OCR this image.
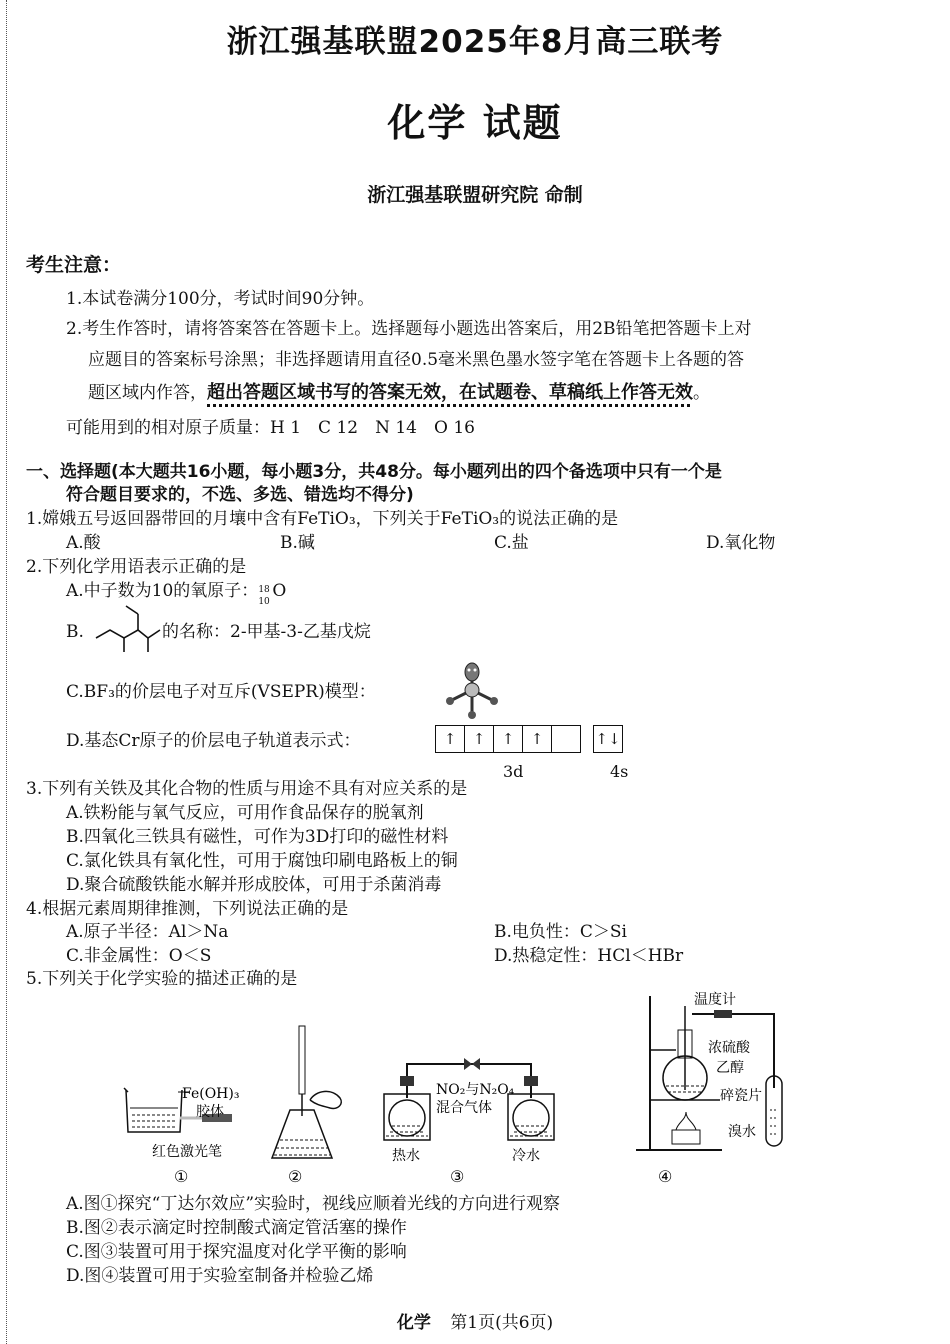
浙江强基联盟2025年8月高三联考
化学 试题
浙江强基联盟研究院 命制
考生注意：
1.本试卷满分100分，考试时间90分钟。
2.考生作答时，请将答案答在答题卡上。选择题每小题选出答案后，用2B铅笔把答题卡上对
应题目的答案标号涂黑；非选择题请用直径0.5毫米黑色墨水签字笔在答题卡上各题的答
题区域内作答，超出答题区域书写的答案无效，在试题卷、草稿纸上作答无效。
可能用到的相对原子质量：H 1　C 12　N 14　O 16
一、选择题(本大题共16小题，每小题3分，共48分。每小题列出的四个备选项中只有一个是
符合题目要求的，不选、多选、错选均不得分)
1.嫦娥五号返回器带回的月壤中含有FeTiO₃，下列关于FeTiO₃的说法正确的是
A.酸	B.碱	C.盐	D.氧化物
2.下列化学用语表示正确的是
A.中子数为10的氧原子： 18
10
O
B.	的名称：2-甲基-3-乙基戊烷
C.BF₃的价层电子对互斥(VSEPR)模型：
D.基态Cr原子的价层电子轨道表示式：	↑	↑	↑	↑	↑↓
3d	4s
3.下列有关铁及其化合物的性质与用途不具有对应关系的是
A.铁粉能与氧气反应，可用作食品保存的脱氧剂
B.四氧化三铁具有磁性，可作为3D打印的磁性材料
C.氯化铁具有氧化性，可用于腐蚀印刷电路板上的铜
D.聚合硫酸铁能水解并形成胶体，可用于杀菌消毒
4.根据元素周期律推测，下列说法正确的是
A.原子半径：Al＞Na	B.电负性：C＞Si
C.非金属性：O＜S	D.热稳定性：HCl＜HBr
5.下列关于化学实验的描述正确的是
Fe(OH)₃
胶体
红色激光笔
①	②
NO₂与N₂O₄
混合气体
热水	冷水
③
温度计
浓硫酸
乙醇
碎瓷片
溴水
④
A.图①探究“丁达尔效应”实验时，视线应顺着光线的方向进行观察
B.图②表示滴定时控制酸式滴定管活塞的操作
C.图③装置可用于探究温度对化学平衡的影响
D.图④装置可用于实验室制备并检验乙烯
化学 第1页(共6页)
